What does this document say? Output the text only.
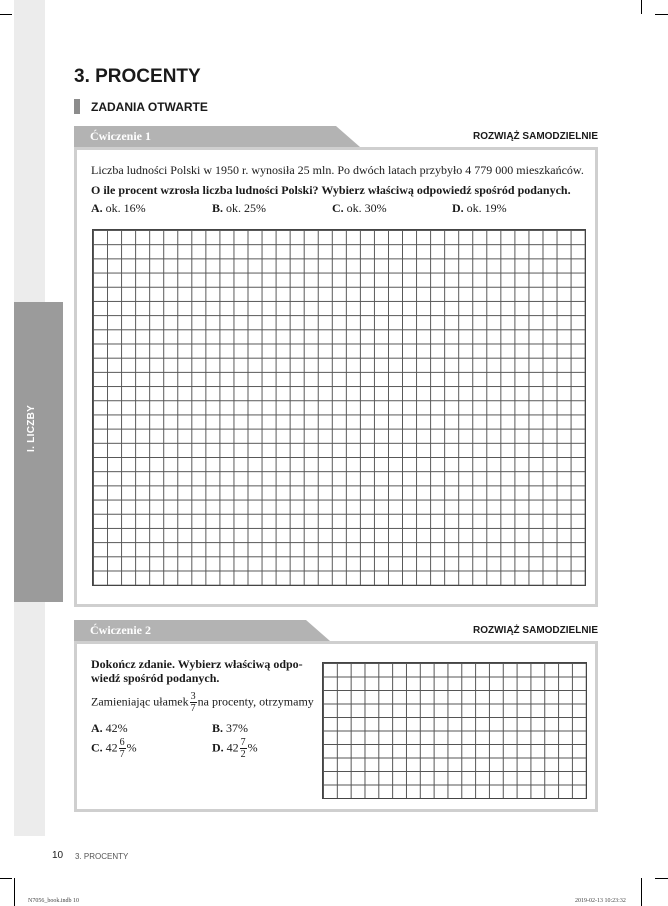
I. LICZBY
3. PROCENTY
ZADANIA OTWARTE
Ćwiczenie 1	ROZWIĄŻ SAMODZIELNIE
Liczba ludności Polski w 1950 r. wynosiła 25 mln. Po dwóch latach przybyło 4 779 000 mieszkańców.
O ile procent wzrosła liczba ludności Polski? Wybierz właściwą odpowiedź spośród podanych.
A. ok. 16%	B. ok. 25%	C. ok. 30%	D. ok. 19%
Ćwiczenie 2	ROZWIĄŻ SAMODZIELNIE
Dokończ zdanie. Wybierz właściwą odpo-
wiedź spośród podanych.
Zamieniając ułamek $\frac{3}{7}$ na procenty, otrzymamy
A. 42%	B. 37%
C. $42 \frac{6}{7}$ %	D. $42 \frac{7}{2}$ %
10 3. PROCENTY
N7056_book.indb 10	2019-02-13 10:23:32
